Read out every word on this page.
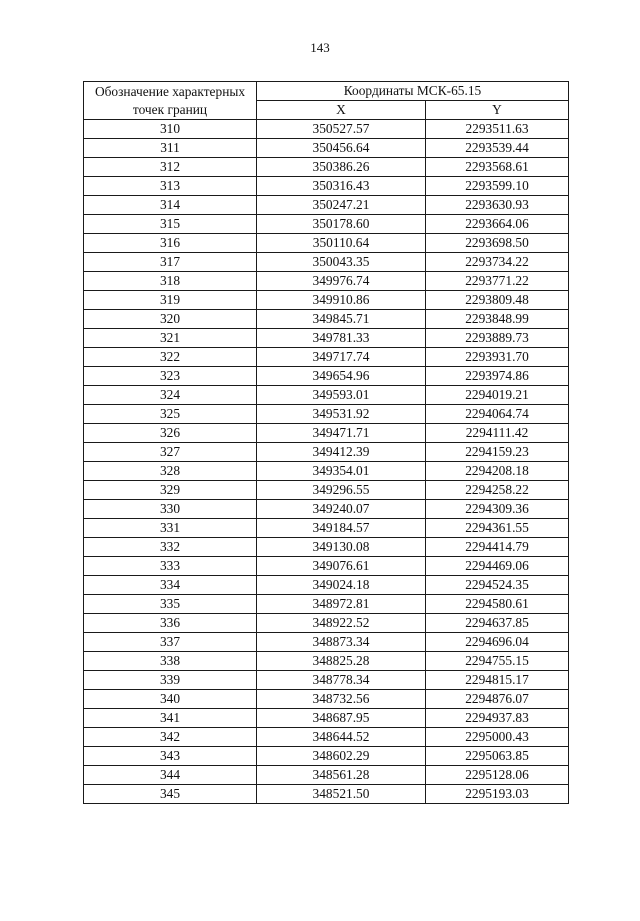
143
Обозначение характерных точек границ	Координаты МСК-65.15	
	X	Y
310	350527.57	2293511.63
311	350456.64	2293539.44
312	350386.26	2293568.61
313	350316.43	2293599.10
314	350247.21	2293630.93
315	350178.60	2293664.06
316	350110.64	2293698.50
317	350043.35	2293734.22
318	349976.74	2293771.22
319	349910.86	2293809.48
320	349845.71	2293848.99
321	349781.33	2293889.73
322	349717.74	2293931.70
323	349654.96	2293974.86
324	349593.01	2294019.21
325	349531.92	2294064.74
326	349471.71	2294111.42
327	349412.39	2294159.23
328	349354.01	2294208.18
329	349296.55	2294258.22
330	349240.07	2294309.36
331	349184.57	2294361.55
332	349130.08	2294414.79
333	349076.61	2294469.06
334	349024.18	2294524.35
335	348972.81	2294580.61
336	348922.52	2294637.85
337	348873.34	2294696.04
338	348825.28	2294755.15
339	348778.34	2294815.17
340	348732.56	2294876.07
341	348687.95	2294937.83
342	348644.52	2295000.43
343	348602.29	2295063.85
344	348561.28	2295128.06
345	348521.50	2295193.03
